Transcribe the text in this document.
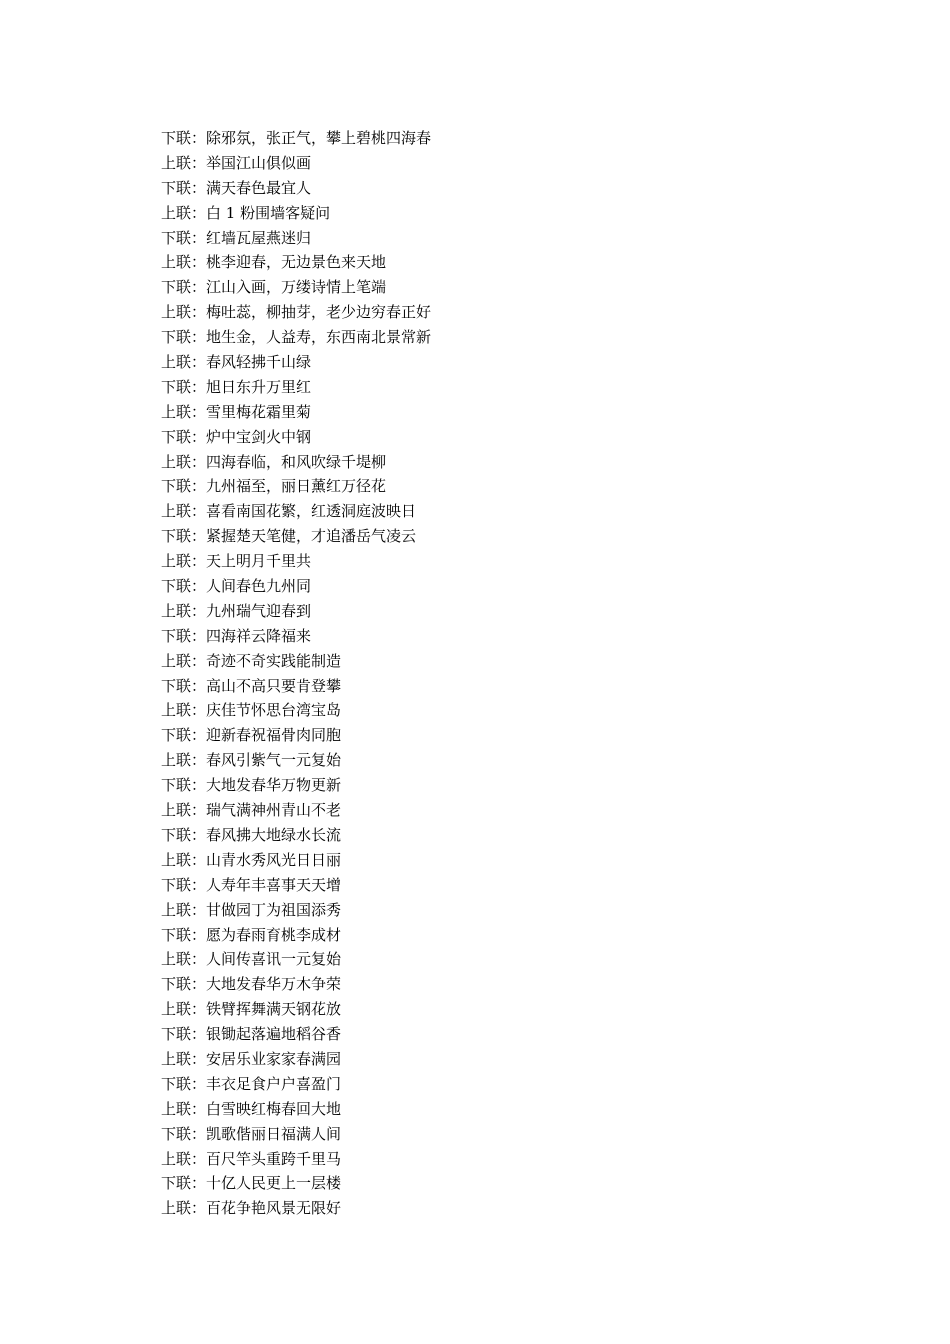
下联：除邪氛，张正气，攀上碧桃四海春
上联：举国江山俱似画
下联：满天春色最宜人
上联：白 1 粉围墙客疑问
下联：红墙瓦屋燕迷归
上联：桃李迎春，无边景色来天地
下联：江山入画，万缕诗情上笔端
上联：梅吐蕊，柳抽芽，老少边穷春正好
下联：地生金，人益寿，东西南北景常新
上联：春风轻拂千山绿
下联：旭日东升万里红
上联：雪里梅花霜里菊
下联：炉中宝剑火中钢
上联：四海春临，和风吹绿千堤柳
下联：九州福至，丽日薰红万径花
上联：喜看南国花繁，红透洞庭波映日
下联：紧握楚天笔健，才追潘岳气凌云
上联：天上明月千里共
下联：人间春色九州同
上联：九州瑞气迎春到
下联：四海祥云降福来
上联：奇迹不奇实践能制造
下联：高山不高只要肯登攀
上联：庆佳节怀思台湾宝岛
下联：迎新春祝福骨肉同胞
上联：春风引紫气一元复始
下联：大地发春华万物更新
上联：瑞气满神州青山不老
下联：春风拂大地绿水长流
上联：山青水秀风光日日丽
下联：人寿年丰喜事天天增
上联：甘做园丁为祖国添秀
下联：愿为春雨育桃李成材
上联：人间传喜讯一元复始
下联：大地发春华万木争荣
上联：铁臂挥舞满天钢花放
下联：银锄起落遍地稻谷香
上联：安居乐业家家春满园
下联：丰衣足食户户喜盈门
上联：白雪映红梅春回大地
下联：凯歌偕丽日福满人间
上联：百尺竿头重跨千里马
下联：十亿人民更上一层楼
上联：百花争艳风景无限好
